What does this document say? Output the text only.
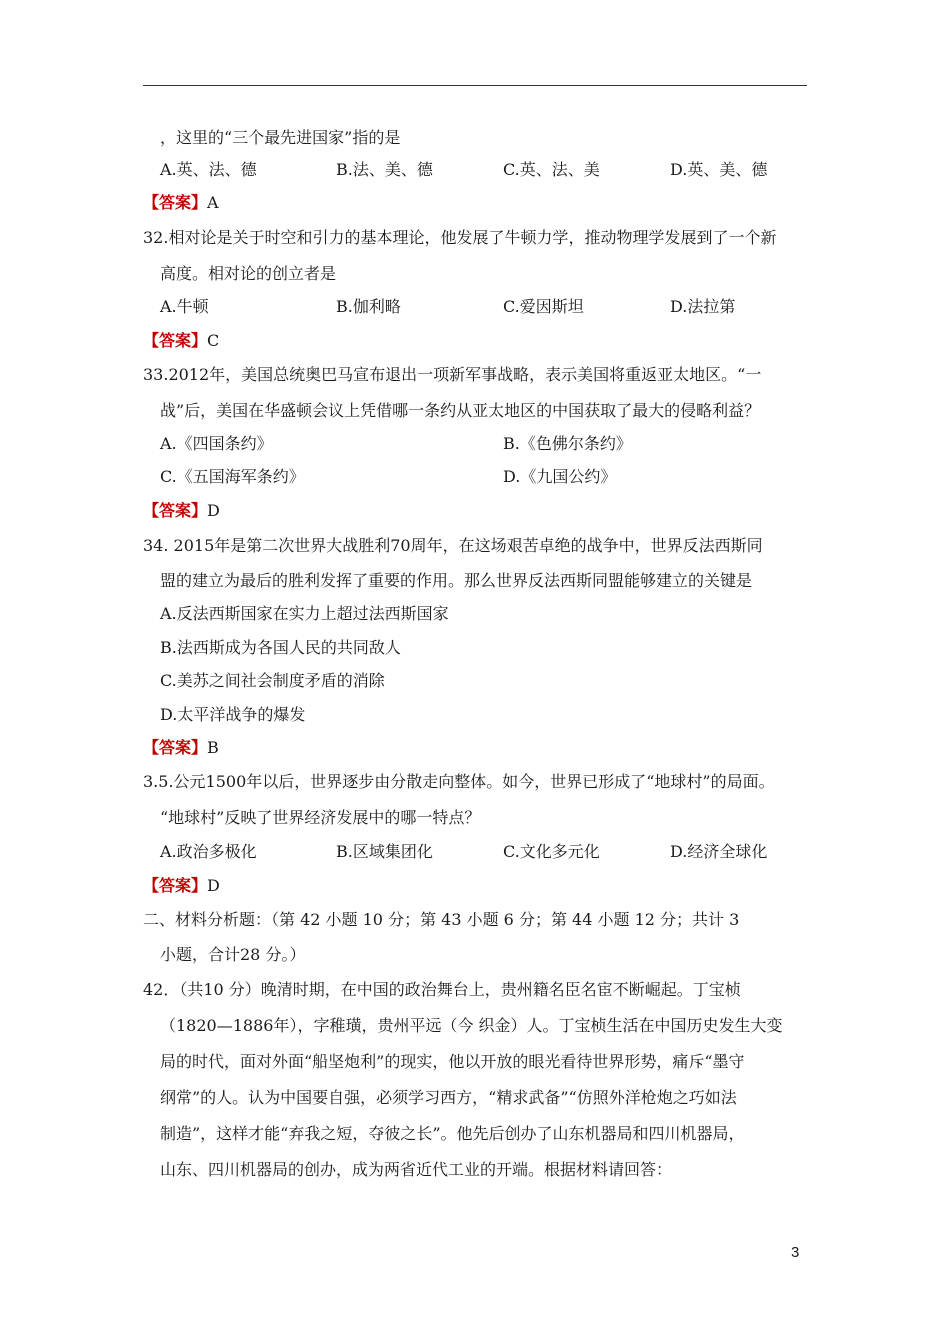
，这里的“三个最先进国家”指的是
A.英、法、德	B.法、美、德	C.英、法、美	D.英、美、德
【答案】A
32.相对论是关于时空和引力的基本理论，他发展了牛顿力学，推动物理学发展到了一个新
高度。相对论的创立者是
A.牛顿	B.伽利略	C.爱因斯坦	D.法拉第
【答案】C
33.2012年，美国总统奥巴马宣布退出一项新军事战略，表示美国将重返亚太地区。“一
战”后，美国在华盛顿会议上凭借哪一条约从亚太地区的中国获取了最大的侵略利益？
A.《四国条约》	B.《色佛尔条约》
C.《五国海军条约》	D.《九国公约》
【答案】D
34. 2015年是第二次世界大战胜利70周年，在这场艰苦卓绝的战争中，世界反法西斯同
盟的建立为最后的胜利发挥了重要的作用。那么世界反法西斯同盟能够建立的关键是
A.反法西斯国家在实力上超过法西斯国家
B.法西斯成为各国人民的共同敌人
C.美苏之间社会制度矛盾的消除
D.太平洋战争的爆发
【答案】B
3.5.公元1500年以后，世界逐步由分散走向整体。如今，世界已形成了“地球村”的局面。
“地球村”反映了世界经济发展中的哪一特点？
A.政治多极化	B.区域集团化	C.文化多元化	D.经济全球化
【答案】D
二、材料分析题：（第 42 小题 10 分；第 43 小题 6 分；第 44 小题 12 分；共计 3
小题，合计28 分。）
42．（共10 分）晚清时期，在中国的政治舞台上，贵州籍名臣名宦不断崛起。丁宝桢
（1820—1886年），字稚璜，贵州平远（今 织金）人。丁宝桢生活在中国历史发生大变
局的时代，面对外面“船坚炮利”的现实，他以开放的眼光看待世界形势，痛斥“墨守
纲常”的人。认为中国要自强，必须学习西方，“精求武备”“仿照外洋枪炮之巧如法
制造”，这样才能“弃我之短，夺彼之长”。他先后创办了山东机器局和四川机器局，
山东、四川机器局的创办，成为两省近代工业的开端。根据材料请回答：
3
